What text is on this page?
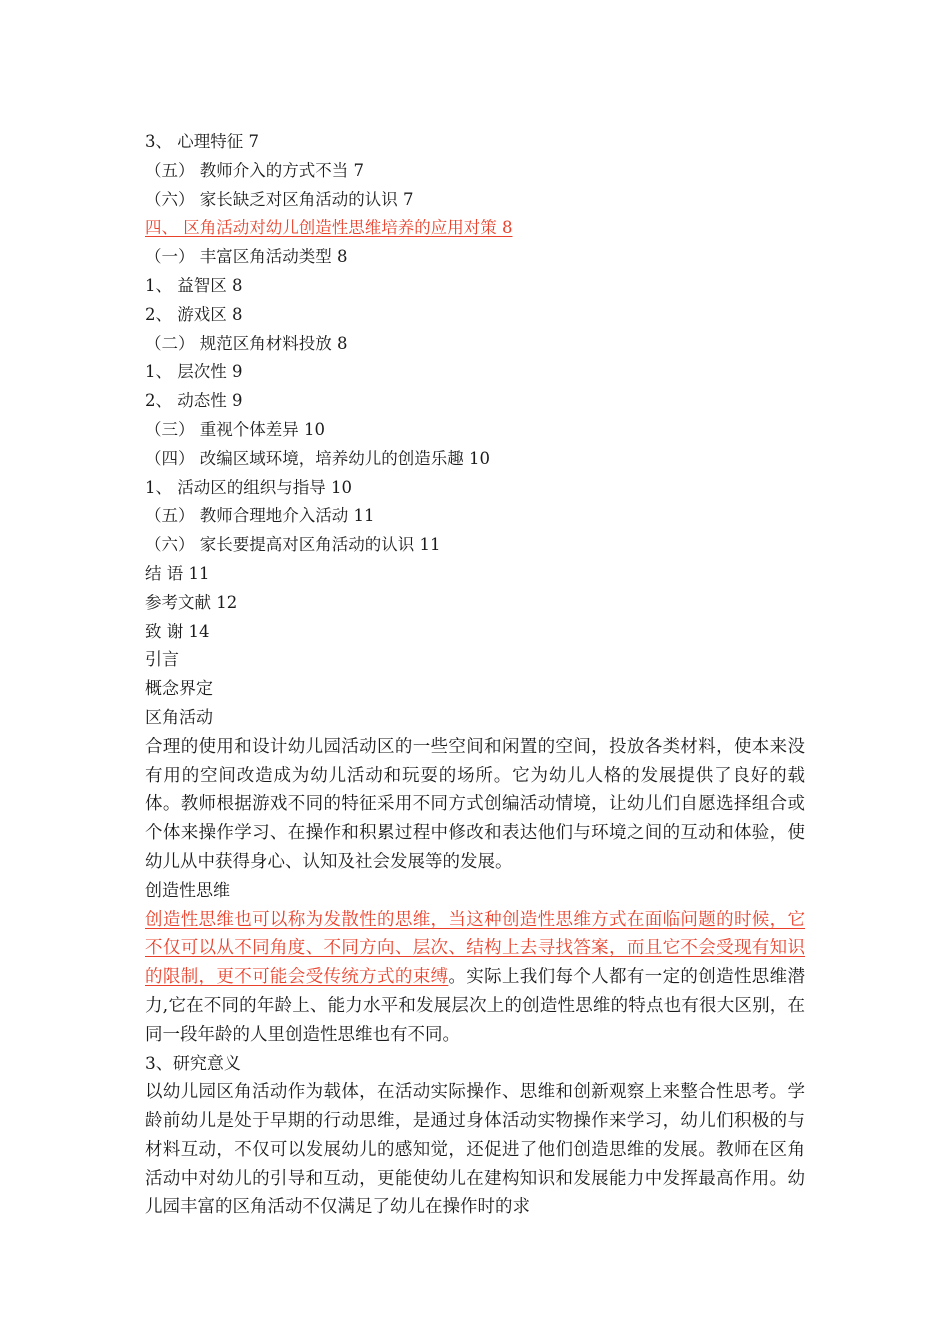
3、 心理特征 7
（五） 教师介入的方式不当 7
（六） 家长缺乏对区角活动的认识 7
四、 区角活动对幼儿创造性思维培养的应用对策 8
（一） 丰富区角活动类型 8
1、 益智区 8
2、 游戏区 8
（二） 规范区角材料投放 8
1、 层次性 9
2、 动态性 9
（三） 重视个体差异 10
（四） 改编区域环境，培养幼儿的创造乐趣 10
1、 活动区的组织与指导 10
（五） 教师合理地介入活动 11
（六） 家长要提高对区角活动的认识 11
结 语 11
参考文献 12
致 谢 14
引言
概念界定
区角活动

合理的使用和设计幼儿园活动区的一些空间和闲置的空间，投放各类材料，使本来没有用的空间改造成为幼儿活动和玩耍的场所。它为幼儿人格的发展提供了良好的载体。教师根据游戏不同的特征采用不同方式创编活动情境，让幼儿们自愿选择组合或个体来操作学习、在操作和积累过程中修改和表达他们与环境之间的互动和体验，使幼儿从中获得身心、认知及社会发展等的发展。

创造性思维

创造性思维也可以称为发散性的思维，当这种创造性思维方式在面临问题的时候，它不仅可以从不同角度、不同方向、层次、结构上去寻找答案，而且它不会受现有知识的限制，更不可能会受传统方式的束缚。实际上我们每个人都有一定的创造性思维潜力,它在不同的年龄上、能力水平和发展层次上的创造性思维的特点也有很大区别，在同一段年龄的人里创造性思维也有不同。

3、研究意义

以幼儿园区角活动作为载体，在活动实际操作、思维和创新观察上来整合性思考。学龄前幼儿是处于早期的行动思维，是通过身体活动实物操作来学习，幼儿们积极的与材料互动，不仅可以发展幼儿的感知觉，还促进了他们创造思维的发展。教师在区角活动中对幼儿的引导和互动，更能使幼儿在建构知识和发展能力中发挥最高作用。幼儿园丰富的区角活动不仅满足了幼儿在操作时的求
